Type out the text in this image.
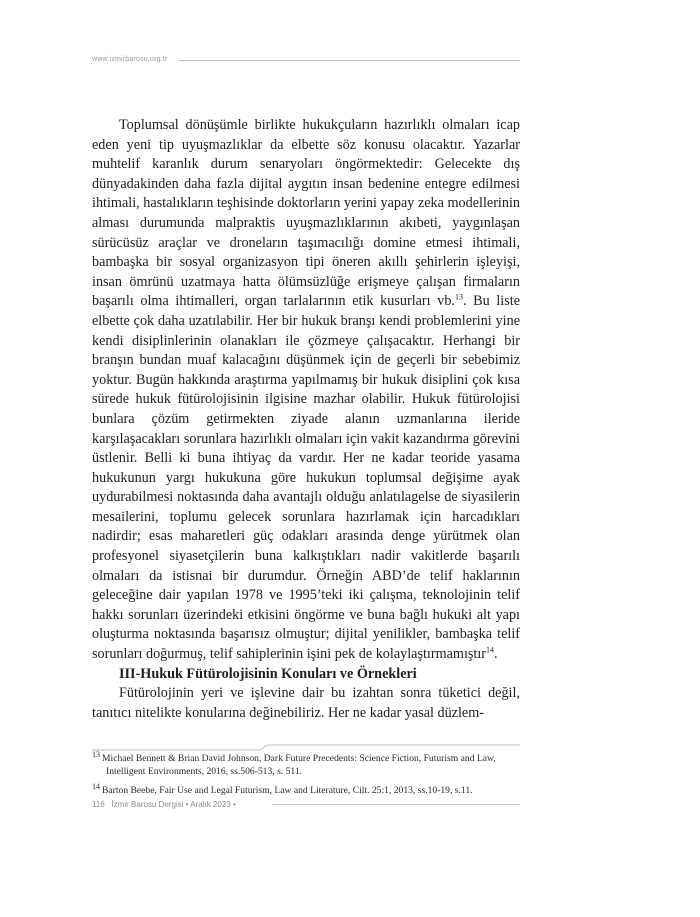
www.izmirbarosu.org.tr

Toplumsal dönüşümle birlikte hukukçuların hazırlıklı olmaları icap eden yeni tip uyuşmazlıklar da elbette söz konusu olacaktır. Yazarlar muhtelif karanlık durum senaryoları öngörmektedir: Gelecekte dış dünyadakinden daha fazla dijital aygıtın insan bedenine entegre edilmesi ihtimali, hastalıkların teşhisinde doktorların yerini yapay zeka modellerinin alması durumunda malpraktis uyuşmazlıklarının akıbeti, yaygınlaşan sürücüsüz araçlar ve droneların taşımacılığı domine etmesi ihtimali, bambaşka bir sosyal organizasyon tipi öneren akıllı şehirlerin işleyişi, insan ömrünü uzatmaya hatta ölümsüzlüğe erişmeye çalışan firmaların başarılı olma ihtimalleri, organ tarlalarının etik kusurları vb.$^{13}$. Bu liste elbette çok daha uzatılabilir. Her bir hukuk branşı kendi problemlerini yine kendi disiplinlerinin olanakları ile çözmeye çalışacaktır. Herhangi bir branşın bundan muaf kalacağını düşünmek için de geçerli bir sebebimiz yoktur. Bugün hakkında araştırma yapılmamış bir hukuk disiplini çok kısa sürede hukuk fütürolojisinin ilgisine mazhar olabilir. Hukuk fütürolojisi bunlara çözüm getirmekten ziyade alanın uzmanlarına ileride karşılaşacakları sorunlara hazırlıklı olmaları için vakit kazandırma görevini üstlenir. Belli ki buna ihtiyaç da vardır. Her ne kadar teoride yasama hukukunun yargı hukukuna göre hukukun toplumsal değişime ayak uydurabilmesi noktasında daha avantajlı olduğu anlatılagelse de siyasilerin mesailerini, toplumu gelecek sorunlara hazırlamak için harcadıkları nadirdir; esas maharetleri güç odakları arasında denge yürütmek olan profesyonel siyasetçilerin buna kalkıştıkları nadir vakitlerde başarılı olmaları da istisnai bir durumdur. Örneğin ABD’de telif haklarının geleceğine dair yapılan 1978 ve 1995’teki iki çalışma, teknolojinin telif hakkı sorunları üzerindeki etkisini öngörme ve buna bağlı hukuki alt yapı oluşturma noktasında başarısız olmuştur; dijital yenilikler, bambaşka telif sorunları doğurmuş, telif sahiplerinin işini pek de kolaylaştırmamıştır$^{14}$.

III-Hukuk Fütürolojisinin Konuları ve Örnekleri

Fütürolojinin yeri ve işlevine dair bu izahtan sonra tüketici değil, tanıtıcı nitelikte konularına değinebiliriz. Her ne kadar yasal düzlem-

$^{13}$ Michael Bennett & Brian David Johnson, Dark Future Precedents: Science Fiction, Futurism and Law, Intelligent Environments, 2016, ss.506-513, s. 511.

$^{14}$ Barton Beebe, Fair Use and Legal Futurism, Law and Literature, Cilt. 25:1, 2013, ss.10-19, s.11.

116 İzmir Barosu Dergisi • Aralık 2023 •
